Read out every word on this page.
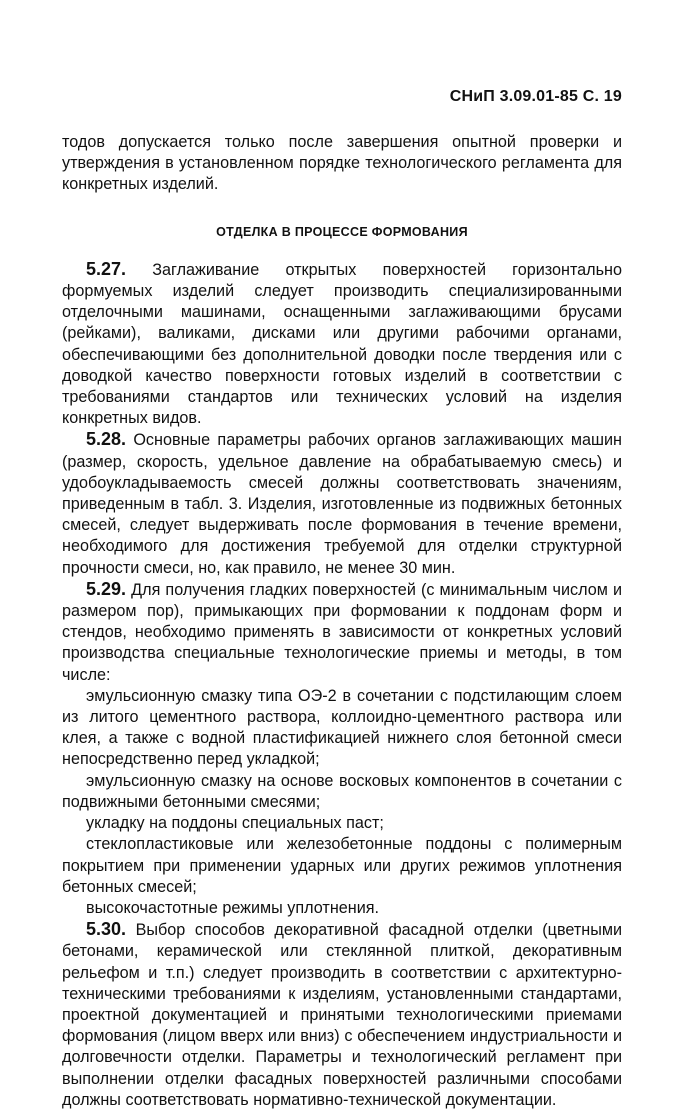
СНиП 3.09.01-85 С. 19

тодов допускается только после завершения опытной проверки и утверждения в установленном порядке технологического регламента для конкретных изделий.

ОТДЕЛКА В ПРОЦЕССЕ ФОРМОВАНИЯ

5.27. Заглаживание открытых поверхностей горизонтально формуемых изделий следует производить специализированными отделочными машинами, оснащенными заглаживающими брусами (рейками), валиками, дисками или другими рабочими органами, обеспечивающими без дополнительной доводки после твердения или с доводкой качество поверхности готовых изделий в соответствии с требованиями стандартов или технических условий на изделия конкретных видов.

5.28. Основные параметры рабочих органов заглаживающих машин (размер, скорость, удельное давление на обрабатываемую смесь) и удобоукладываемость смесей должны соответствовать значениям, приведенным в табл. 3. Изделия, изготовленные из подвижных бетонных смесей, следует выдерживать после формования в течение времени, необходимого для достижения требуемой для отделки структурной прочности смеси, но, как правило, не менее 30 мин.

5.29. Для получения гладких поверхностей (с минимальным числом и размером пор), примыкающих при формовании к поддонам форм и стендов, необходимо применять в зависимости от конкретных условий производства специальные технологические приемы и методы, в том числе:

эмульсионную смазку типа ОЭ-2 в сочетании с подстилающим слоем из литого цементного раствора, коллоидно-цементного раствора или клея, а также с водной пластификацией нижнего слоя бетонной смеси непосредственно перед укладкой;

эмульсионную смазку на основе восковых компонентов в сочетании с подвижными бетонными смесями;

укладку на поддоны специальных паст;

стеклопластиковые или железобетонные поддоны с полимерным покрытием при применении ударных или других режимов уплотнения бетонных смесей;

высокочастотные режимы уплотнения.

5.30. Выбор способов декоративной фасадной отделки (цветными бетонами, керамической или стеклянной плиткой, декоративным рельефом и т.п.) следует производить в соответствии с архитектурно-техническими требованиями к изделиям, установленными стандартами, проектной документацией и принятыми технологическими приемами формования (лицом вверх или вниз) с обеспечением индустриальности и долговечности отделки. Параметры и технологический регламент при выполнении отделки фасадных поверхностей различными способами должны соответствовать нормативно-технической документации.
